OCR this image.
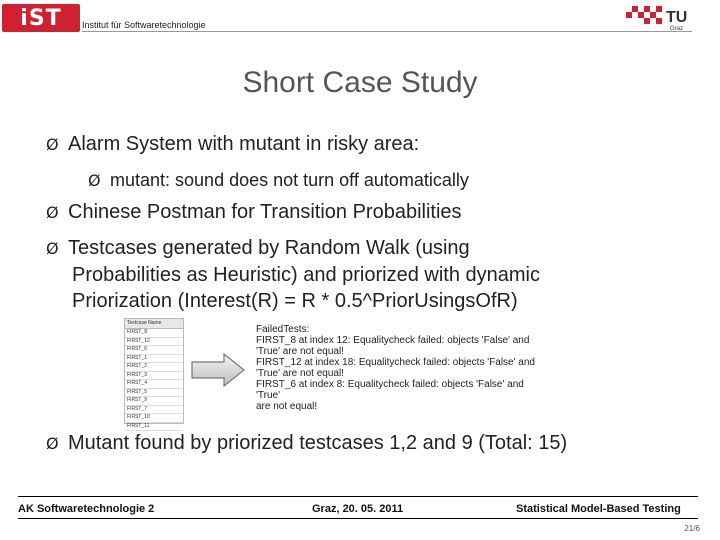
iST	Institut für Softwaretechnologie	TU
Graz
Short Case Study
Ø Alarm System with mutant in risky area:
Ø mutant: sound does not turn off automatically
Ø Chinese Postman for Transition Probabilities
Ø Testcases generated by Random Walk (using
Probabilities as Heuristic) and priorized with dynamic
Priorization (Interest(R) = R * 0.5^PriorUsingsOfR)
Testcase Name
FIRST_8
FIRST_12
FIRST_6
FIRST_1
FIRST_2
FIRST_3
FIRST_4
FIRST_5
FIRST_9
FIRST_7
FIRST_10
FIRST_11
FailedTests:
FIRST_8 at index 12: Equalitycheck failed: objects 'False' and
'True' are not equal!
FIRST_12 at index 18: Equalitycheck failed: objects 'False' and
'True' are not equal!
FIRST_6 at index 8: Equalitycheck failed: objects 'False' and 'True'
are not equal!
Ø Mutant found by priorized testcases 1,2 and 9 (Total: 15)
AK Softwaretechnologie 2	Graz, 20. 05. 2011	Statistical Model-Based Testing
21/6
